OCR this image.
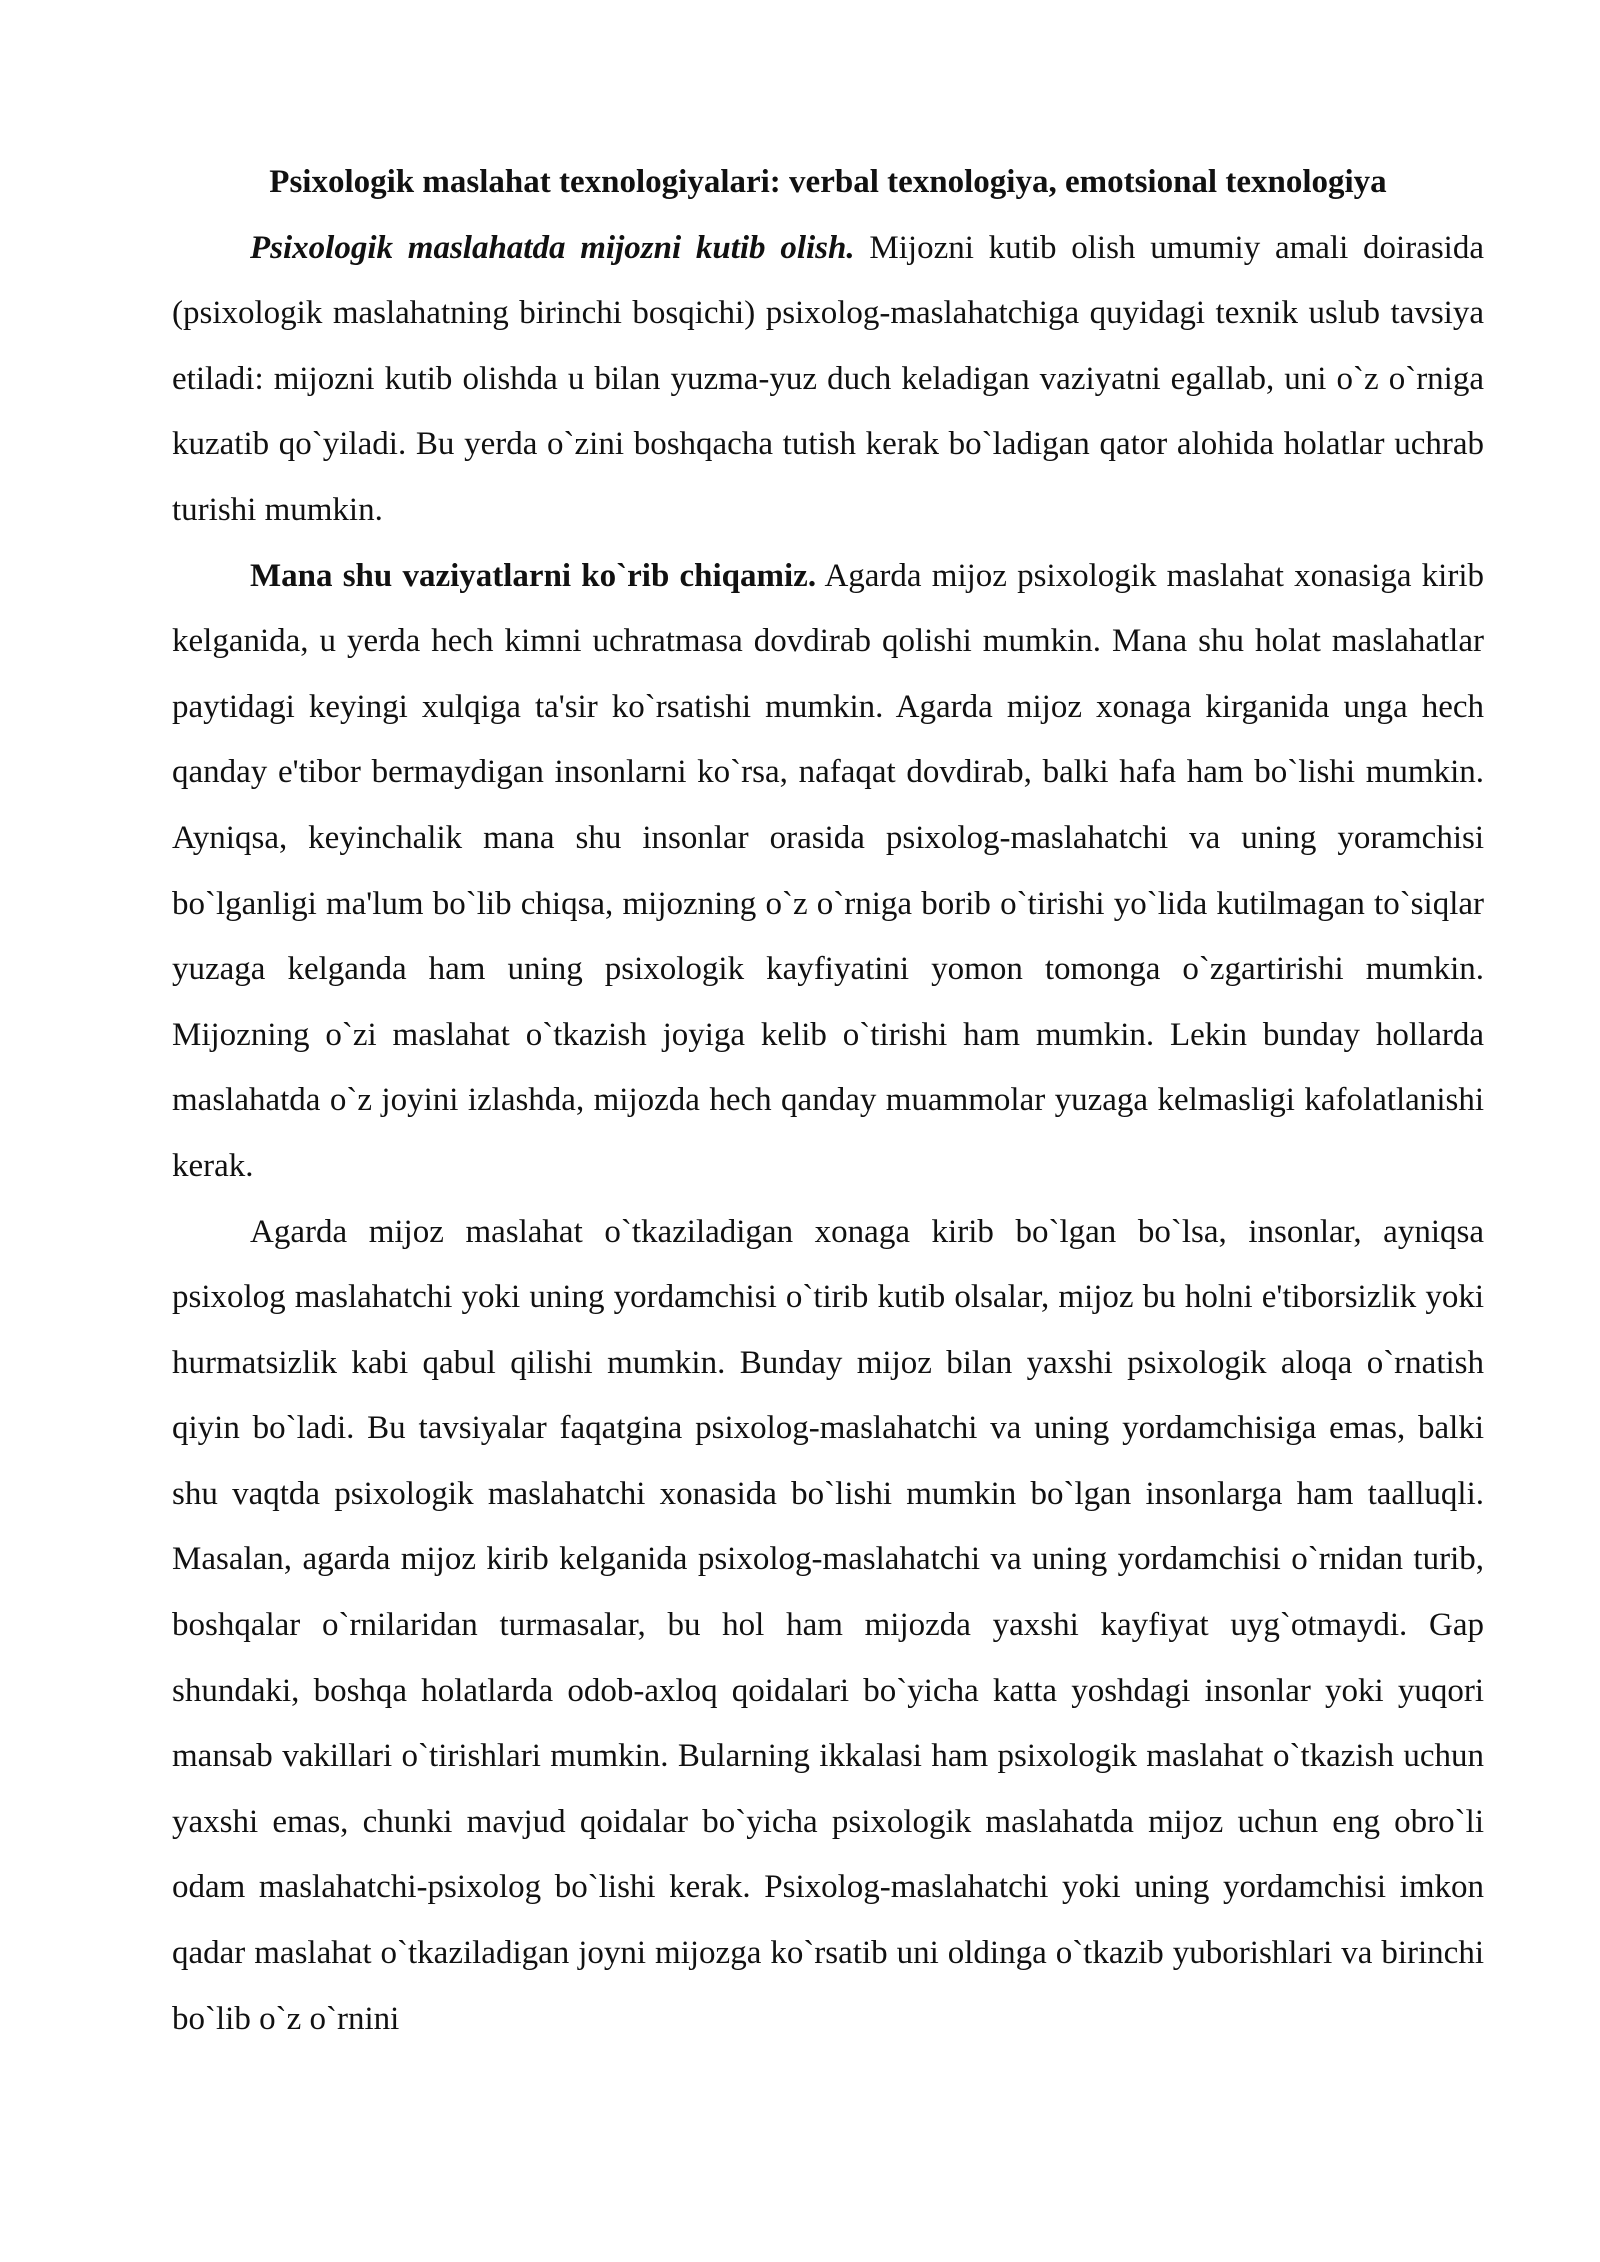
Psixologik maslahat texnologiyalari: verbal texnologiya, emotsional texnologiya

Psixologik maslahatda mijozni kutib olish. Mijozni kutib olish umumiy amali doirasida (psixologik maslahatning birinchi bosqichi) psixolog-maslahatchiga quyidagi texnik uslub tavsiya etiladi: mijozni kutib olishda u bilan yuzma-yuz duch keladigan vaziyatni egallab, uni o`z o`rniga kuzatib qo`yiladi. Bu yerda o`zini boshqacha tutish kerak bo`ladigan qator alohida holatlar uchrab turishi mumkin.

Mana shu vaziyatlarni ko`rib chiqamiz. Agarda mijoz psixologik maslahat xonasiga kirib kelganida, u yerda hech kimni uchratmasa dovdirab qolishi mumkin. Mana shu holat maslahatlar paytidagi keyingi xulqiga ta'sir ko`rsatishi mumkin. Agarda mijoz xonaga kirganida unga hech qanday e'tibor bermaydigan insonlarni ko`rsa, nafaqat dovdirab, balki hafa ham bo`lishi mumkin. Ayniqsa, keyinchalik mana shu insonlar orasida psixolog-maslahatchi va uning yoramchisi bo`lganligi ma'lum bo`lib chiqsa, mijozning o`z o`rniga borib o`tirishi yo`lida kutilmagan to`siqlar yuzaga kelganda ham uning psixologik kayfiyatini yomon tomonga o`zgartirishi mumkin. Mijozning o`zi maslahat o`tkazish joyiga kelib o`tirishi ham mumkin. Lekin bunday hollarda maslahatda o`z joyini izlashda, mijozda hech qanday muammolar yuzaga kelmasligi kafolatlanishi kerak.

Agarda mijoz maslahat o`tkaziladigan xonaga kirib bo`lgan bo`lsa, insonlar, ayniqsa psixolog maslahatchi yoki uning yordamchisi o`tirib kutib olsalar, mijoz bu holni e'tiborsizlik yoki hurmatsizlik kabi qabul qilishi mumkin. Bunday mijoz bilan yaxshi psixologik aloqa o`rnatish qiyin bo`ladi. Bu tavsiyalar faqatgina psixolog-maslahatchi va uning yordamchisiga emas, balki shu vaqtda psixologik maslahatchi xonasida bo`lishi mumkin bo`lgan insonlarga ham taalluqli. Masalan, agarda mijoz kirib kelganida psixolog-maslahatchi va uning yordamchisi o`rnidan turib, boshqalar o`rnilaridan turmasalar, bu hol ham mijozda yaxshi kayfiyat uyg`otmaydi. Gap shundaki, boshqa holatlarda odob-axloq qoidalari bo`yicha katta yoshdagi insonlar yoki yuqori mansab vakillari o`tirishlari mumkin. Bularning ikkalasi ham psixologik maslahat o`tkazish uchun yaxshi emas, chunki mavjud qoidalar bo`yicha psixologik maslahatda mijoz uchun eng obro`li odam maslahatchi-psixolog bo`lishi kerak. Psixolog-maslahatchi yoki uning yordamchisi imkon qadar maslahat o`tkaziladigan joyni mijozga ko`rsatib uni oldinga o`tkazib yuborishlari va birinchi bo`lib o`z o`rnini
